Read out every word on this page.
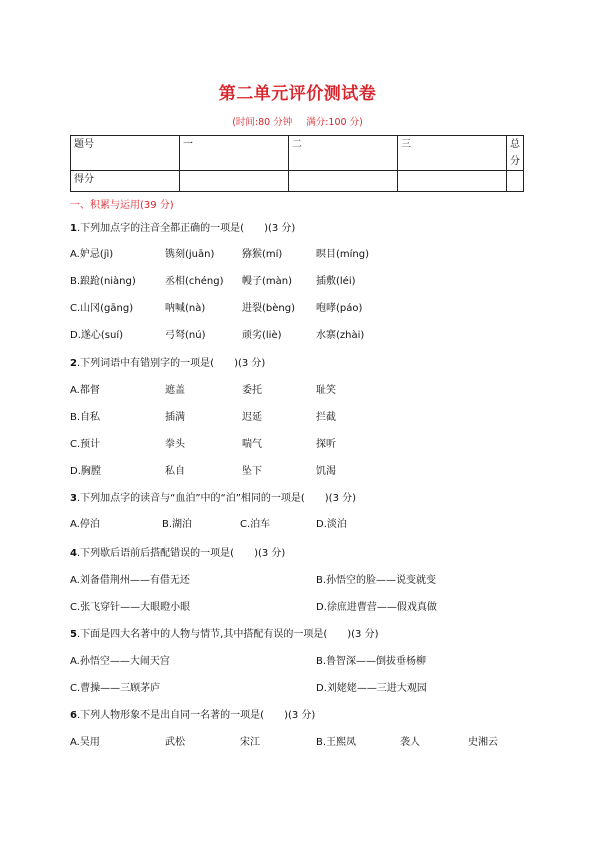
第二单元评价测试卷
(时间:80 分钟 满分:100 分)
题号	一	二	三	总分
得分				
一、积累与运用(39 分)
1.下列加点字的注音全都正确的一项是( )(3 分)
A.妒忌(jì)	镌刻(juān)	猕猴(mí)	暝目(míng)
B.踉跄(niàng)	丞相(chéng) 幔子(màn) 插敷(léi)
C.山冈(gāng)	呐喊(nà)	进裂(bèng) 咆哮(páo)
D.遂心(suí)	弓弩(nú)	顽劣(liè)	水寨(zhài)
2.下列词语中有错别字的一项是( )(3 分)
A.都督	遮盖	委托	耻笑
B.自私	插满	迟延	拦截
C.预计	拳头	喘气	探听
D.胸膛	私自	坠下	饥渴
3.下列加点字的读音与“血泊”中的“泊”相同的一项是( )(3 分)
A.停泊	B.湖泊	C.泊车	D.淡泊
4.下列歇后语前后搭配错误的一项是( )(3 分)
A.刘备借荆州——有借无还	B.孙悟空的脸——说变就变
C.张飞穿针——大眼瞪小眼	D.徐庶进曹营——假戏真做
5.下面是四大名著中的人物与情节,其中搭配有误的一项是( )(3 分)
A.孙悟空——大闹天宫	B.鲁智深——倒拔垂杨柳
C.曹操——三顾茅庐	D.刘姥姥——三进大观园
6.下列人物形象不是出自同一名著的一项是( )(3 分)
A.吴用	武松	宋江	B.王熙凤	袭人	史湘云
